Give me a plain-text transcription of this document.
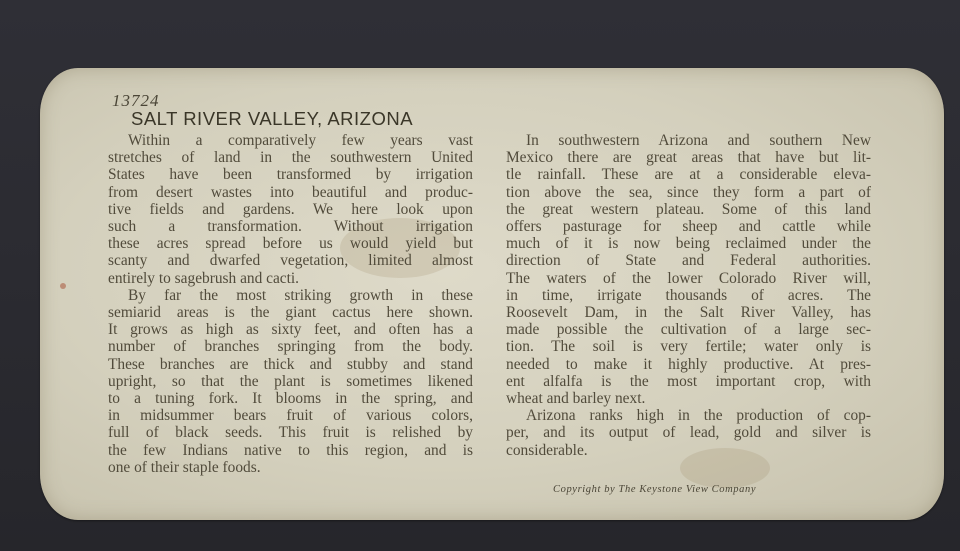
13724
SALT RIVER VALLEY, ARIZONA
Within a comparatively few years vast
stretches of land in the southwestern United
States have been transformed by irrigation
from desert wastes into beautiful and produc-
tive fields and gardens. We here look upon
such a transformation. Without irrigation
these acres spread before us would yield but
scanty and dwarfed vegetation, limited almost
entirely to sagebrush and cacti.
By far the most striking growth in these
semiarid areas is the giant cactus here shown.
It grows as high as sixty feet, and often has a
number of branches springing from the body.
These branches are thick and stubby and stand
upright, so that the plant is sometimes likened
to a tuning fork. It blooms in the spring, and
in midsummer bears fruit of various colors,
full of black seeds. This fruit is relished by
the few Indians native to this region, and is
one of their staple foods.
In southwestern Arizona and southern New
Mexico there are great areas that have but lit-
tle rainfall. These are at a considerable eleva-
tion above the sea, since they form a part of
the great western plateau. Some of this land
offers pasturage for sheep and cattle while
much of it is now being reclaimed under the
direction of State and Federal authorities.
The waters of the lower Colorado River will,
in time, irrigate thousands of acres. The
Roosevelt Dam, in the Salt River Valley, has
made possible the cultivation of a large sec-
tion. The soil is very fertile; water only is
needed to make it highly productive. At pres-
ent alfalfa is the most important crop, with
wheat and barley next.
Arizona ranks high in the production of cop-
per, and its output of lead, gold and silver is
considerable.
Copyright by The Keystone View Company
